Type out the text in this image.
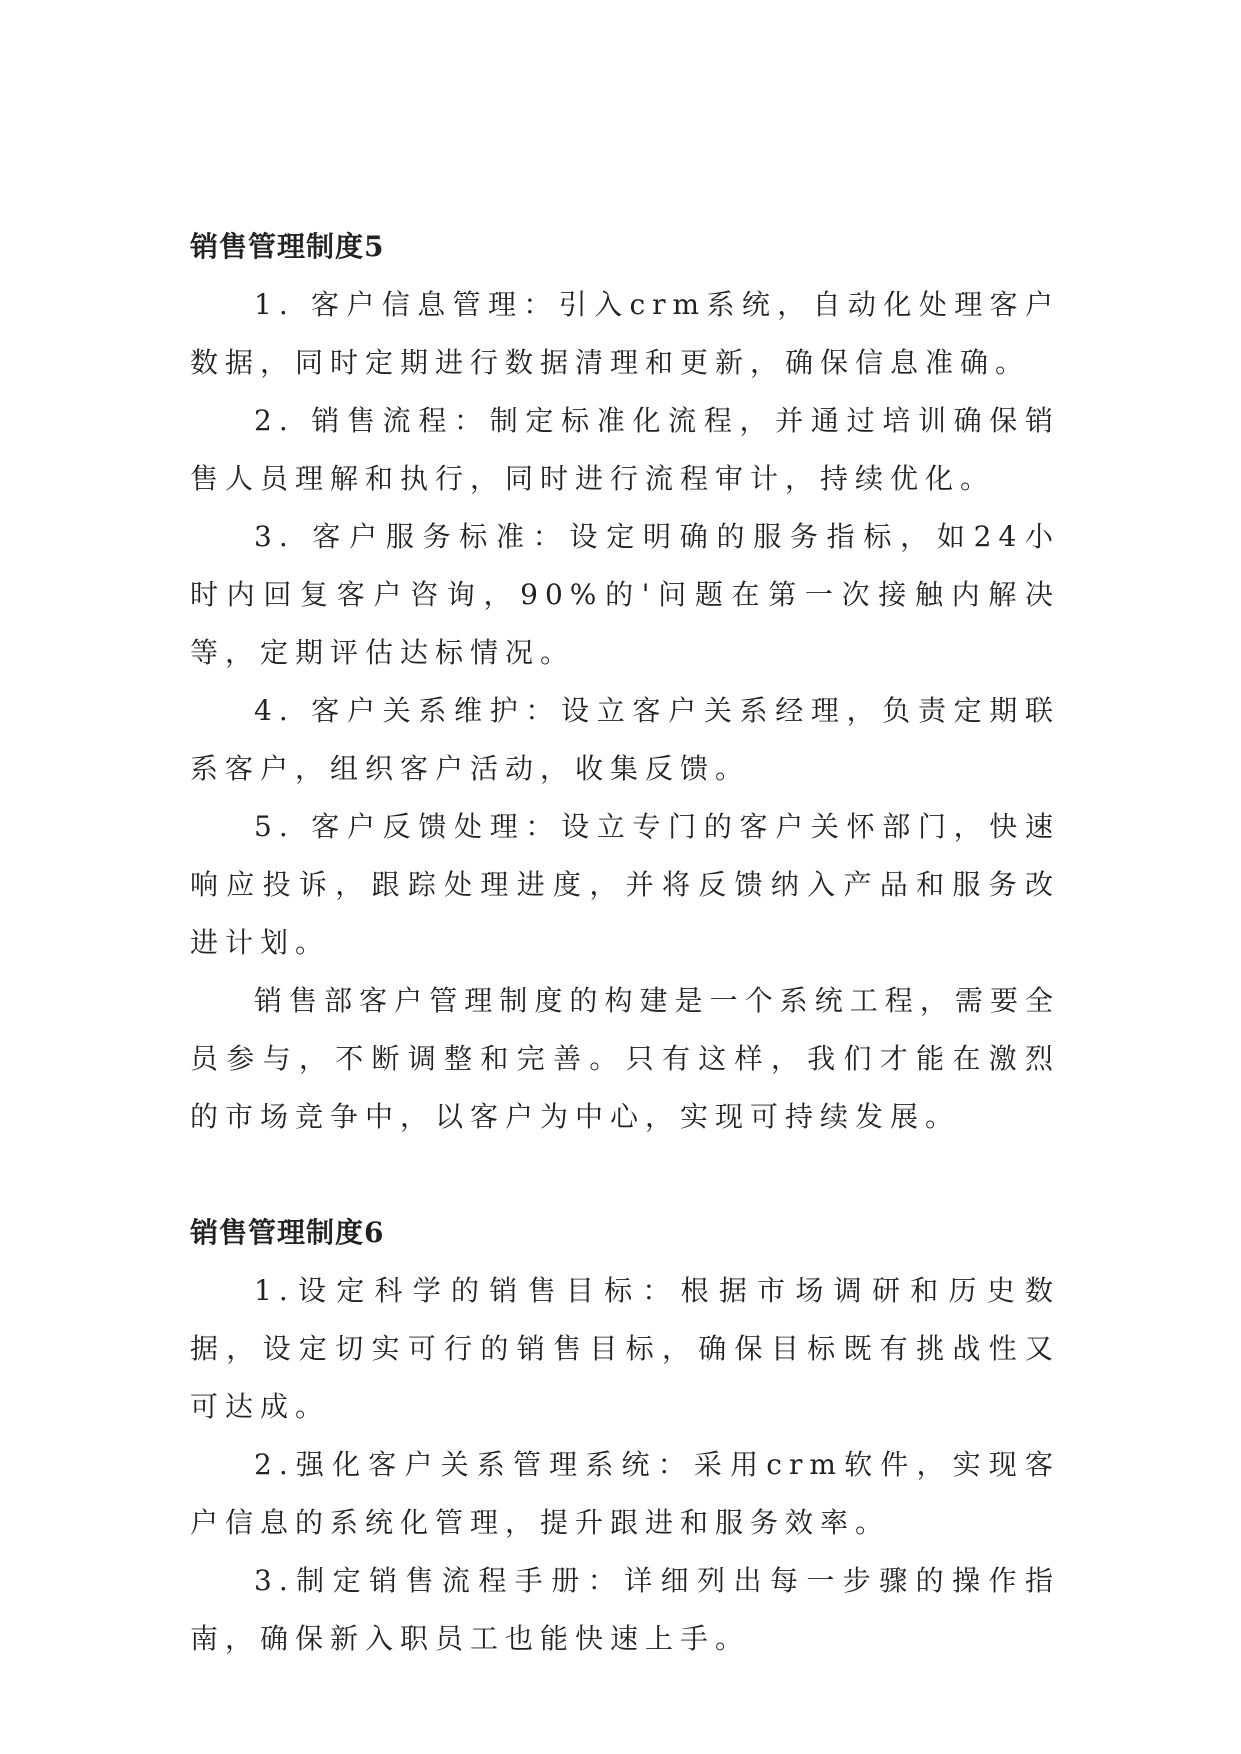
销售管理制度5

1. 客户信息管理：引入crm系统，自动化处理客户数据，同时定期进行数据清理和更新，确保信息准确。

2. 销售流程：制定标准化流程，并通过培训确保销售人员理解和执行，同时进行流程审计，持续优化。

3. 客户服务标准：设定明确的服务指标，如24小时内回复客户咨询，90%的'问题在第一次接触内解决等，定期评估达标情况。

4. 客户关系维护：设立客户关系经理，负责定期联系客户，组织客户活动，收集反馈。

5. 客户反馈处理：设立专门的客户关怀部门，快速响应投诉，跟踪处理进度，并将反馈纳入产品和服务改进计划。

销售部客户管理制度的构建是一个系统工程，需要全员参与，不断调整和完善。只有这样，我们才能在激烈的市场竞争中，以客户为中心，实现可持续发展。

销售管理制度6

1.设定科学的销售目标：根据市场调研和历史数据，设定切实可行的销售目标，确保目标既有挑战性又可达成。

2.强化客户关系管理系统：采用crm软件，实现客户信息的系统化管理，提升跟进和服务效率。

3.制定销售流程手册：详细列出每一步骤的操作指南，确保新入职员工也能快速上手。
